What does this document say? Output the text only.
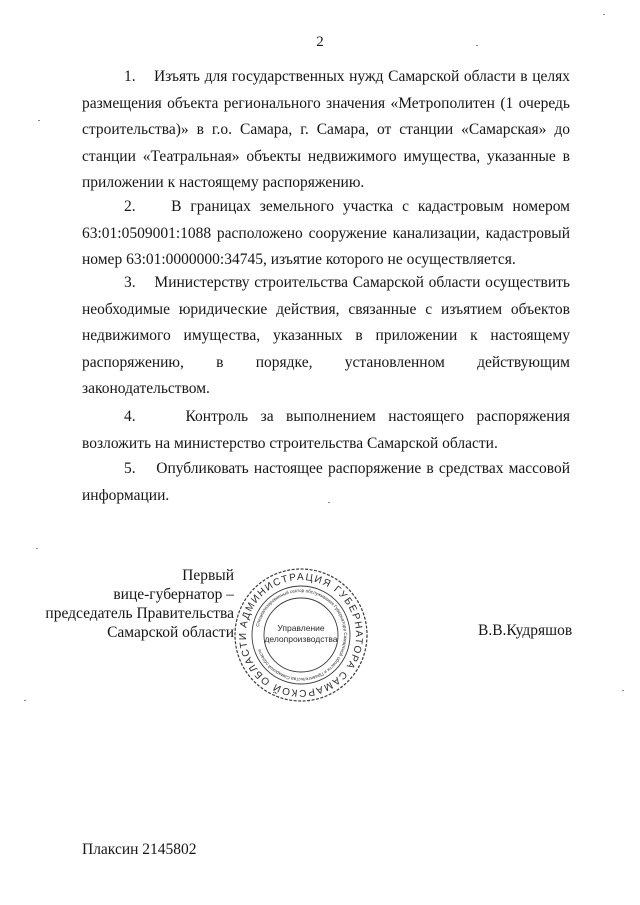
2

1.    Изъять для государственных нужд Самарской области в целях размещения объекта регионального значения «Метрополитен (1 очередь строительства)» в г.о. Самара, г. Самара, от станции «Самарская» до станции «Театральная» объекты недвижимого имущества, указанные в приложении к настоящему распоряжению.

2.    В границах земельного участка с кадастровым номером 63:01:0509001:1088 расположено сооружение канализации, кадастровый номер 63:01:0000000:34745, изъятие которого не осуществляется.

3.    Министерству строительства Самарской области осуществить необходимые юридические действия, связанные с изъятием объектов недвижимого имущества, указанных в приложении к настоящему распоряжению, в порядке, установленном действующим законодательством.

4.    Контроль за выполнением настоящего распоряжения возложить на министерство строительства Самарской области.

5.    Опубликовать настоящее распоряжение в средствах массовой информации.

Первый
вице-губернатор –
председатель Правительства
Самарской области
АДМИНИСТРАЦИЯ ГУБЕРНАТОРА САМАРСКОЙ ОБЛАСТИ
Специализированный сектор обслуживания Губернатора Самарской области и Правительства Самарской области
Управление
делопроизводства	В.В.Кудряшов
Плаксин 2145802
